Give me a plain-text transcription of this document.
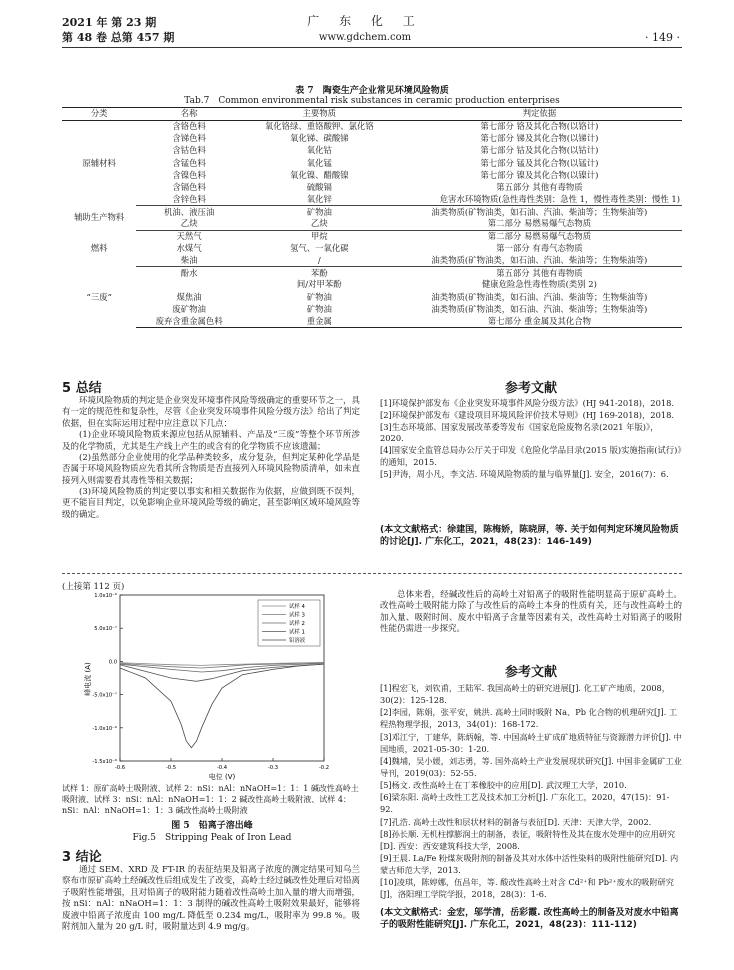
2021 年 第 23 期
第 48 卷 总第 457 期
广 东 化 工
www.gdchem.com	· 149 ·
表 7　陶瓷生产企业常见环境风险物质
Tab.7　Common environmental risk substances in ceramic production enterprises
分类	名称	主要物质	判定依据
原辅材料	含铬色料	氧化铬绿、重铬酸钾、氯化铬	第七部分 铬及其化合物(以铬计)
	含锑色料	氧化锑、碳酸锑	第七部分 锑及其化合物(以锑计)
	含钴色料	氧化钴	第七部分 钴及其化合物(以钴计)
	含锰色料	氧化锰	第七部分 锰及其化合物(以锰计)
	含镍色料	氧化镍、醋酸镍	第七部分 镍及其化合物(以镍计)
	含镉色料	硫酸镉	第五部分 其他有毒物质
	含锌色料	氧化锌	危害水环境物质(急性毒性类别：急性 1，慢性毒性类别：慢性 1)
辅助生产物料	机油、液压油	矿物油	油类物质(矿物油类，如石油、汽油、柴油等；生物柴油等)
	乙炔	乙炔	第二部分 易燃易爆气态物质
燃料	天然气	甲烷	第二部分 易燃易爆气态物质
	水煤气	氢气、一氧化碳	第一部分 有毒气态物质
	柴油	/	油类物质(矿物油类，如石油、汽油、柴油等；生物柴油等)
“三废”	酚水	苯酚	第五部分 其他有毒物质
		间/对甲苯酚	健康危险急性毒性物质(类别 2)
	煤焦油	矿物油	油类物质(矿物油类，如石油、汽油、柴油等；生物柴油等)
	废矿物油	矿物油	油类物质(矿物油类，如石油、汽油、柴油等；生物柴油等)
	废弃含重金属色料	重金属	第七部分 重金属及其化合物
5 总结

环境风险物质的判定是企业突发环境事件风险等级确定的重要环节之一，具有一定的规范性和复杂性，尽管《企业突发环境事件风险分级方法》给出了判定依据，但在实际运用过程中应注意以下几点：

(1)企业环境风险物质来源应包括从原辅料、产品及“三废”等整个环节所涉及的化学物质，尤其是生产线上产生的或含有的化学物质不应该遗漏；

(2)虽然部分企业使用的化学品种类较多，成分复杂，但判定某种化学品是否属于环境风险物质应先看其所含物质是否直接列入环境风险物质清单，如未直接列入则需要看其毒性等相关数据；

(3)环境风险物质的判定要以事实和相关数据作为依据，应做到既不误判，更不能盲目判定，以免影响企业环境风险等级的确定，甚至影响区域环境风险等级的确定。

参考文献
[1]环境保护部发布《企业突发环境事件风险分级方法》(HJ 941-2018)，2018.
[2]环境保护部发布《建设项目环境风险评价技术导则》(HJ 169-2018)，2018.
[3]生态环境部、国家发展改革委等发布《国家危险废物名录(2021 年版)》，2020.
[4]国家安全监管总局办公厅关于印发《危险化学品目录(2015 版)实施指南(试行)》的通知，2015.
[5]尹涛，周小凡，李文洁. 环境风险物质的量与临界量[J]. 安全，2016(7)：6.
(本文文献格式：徐建国，陈梅娇，陈晓屏，等. 关于如何判定环境风险物质的讨论[J]. 广东化工，2021，48(23)：146-149)
(上接第 112 页)
1.0x10⁻⁶
5.0x10⁻⁷
0.0
-5.0x10⁻⁷
-1.0x10⁻⁶
-1.5x10⁻⁶
-0.6	-0.5	-0.4	-0.3	-0.2
试样 4
试样 3
试样 2
试样 1
铅溶液
峰电流 (A)
电位 (V)
试样 1：原矿高岭土吸附液、试样 2：nSi：nAl：nNaOH=1：1：1 碱改性高岭土吸附液、试样 3：nSi：nAl：nNaOH=1：1：2 碱改性高岭土吸附液、试样 4：nSi：nAl：nNaOH=1：1：3 碱改性高岭土吸附液
图 5　铅离子溶出峰
Fig.5　Stripping Peak of Iron Lead
3 结论

通过 SEM、XRD 及 FT-IR 的表征结果及铅离子浓度的测定结果可知乌兰察布市原矿高岭土经碱改性后组成发生了改变，高岭土经过碱改性处理后对铅离子吸附性能增强，且对铅离子的吸附能力随着改性高岭土加入量的增大而增强，按 nSi：nAl：nNaOH=1：1：3 制得的碱改性高岭土吸附效果最好，能够将废液中铅离子浓度由 100 mg/L 降低至 0.234 mg/L，吸附率为 99.8 %。吸附剂加入量为 20 g/L 时，吸附量达到 4.9 mg/g。

总体来看，经碱改性后的高岭土对铅离子的吸附性能明显高于原矿高岭土。改性高岭土吸附能力除了与改性后的高岭土本身的性质有关，还与改性高岭土的加入量、吸附时间、废水中铅离子含量等因素有关，改性高岭土对铅离子的吸附性能仍需进一步探究。

参考文献
[1]程宏飞，刘钦甫，王陆军. 我国高岭土的研究进展[J]. 化工矿产地质，2008，30(2)：125-128.
[2]李园，陈娟，张平安，姚洪. 高岭土同时吸附 Na、Pb 化合物的机理研究[J]. 工程热物理学报，2013，34(01)：168-172.
[3]邓江宁，丁建华，陈炳翰，等. 中国高岭土矿成矿地质特征与资源潜力评价[J]. 中国地质，2021-05-30：1-20.
[4]魏埔，吴小媛，刘志勇，等. 国外高岭土产业发展现状研究[J]. 中国非金属矿工业导刊，2019(03)：52-55.
[5]杨文. 改性高岭土在丁苯橡胶中的应用[D]. 武汉理工大学，2010.
[6]梁东阳. 高岭土改性工艺及技术加工分析[J]. 广东化工，2020，47(15)：91-92.
[7]孔浩. 高岭土改性和层状材料的制备与表征[D]. 天津：天津大学，2002.
[8]孙长顺. 无机柱撑膨润土的制备，表征，吸附特性及其在废水处理中的应用研究[D]. 西安：西安建筑科技大学，2008.
[9]王晨. La/Fe 粉煤灰吸附剂的制备及其对水体中活性染料的吸附性能研究[D]. 内蒙古师范大学，2013.
[10]凌琪，陈婷娜，伍昌年，等. 酸改性高岭土对含 Cd²⁺和 Pb²⁺废水的吸附研究[J]，洛阳理工学院学报，2018，28(3)：1-6.
(本文文献格式：金宏，邬学清，岳彩霞. 改性高岭土的制备及对废水中铅离子的吸附性能研究[J]. 广东化工，2021，48(23)：111-112)
